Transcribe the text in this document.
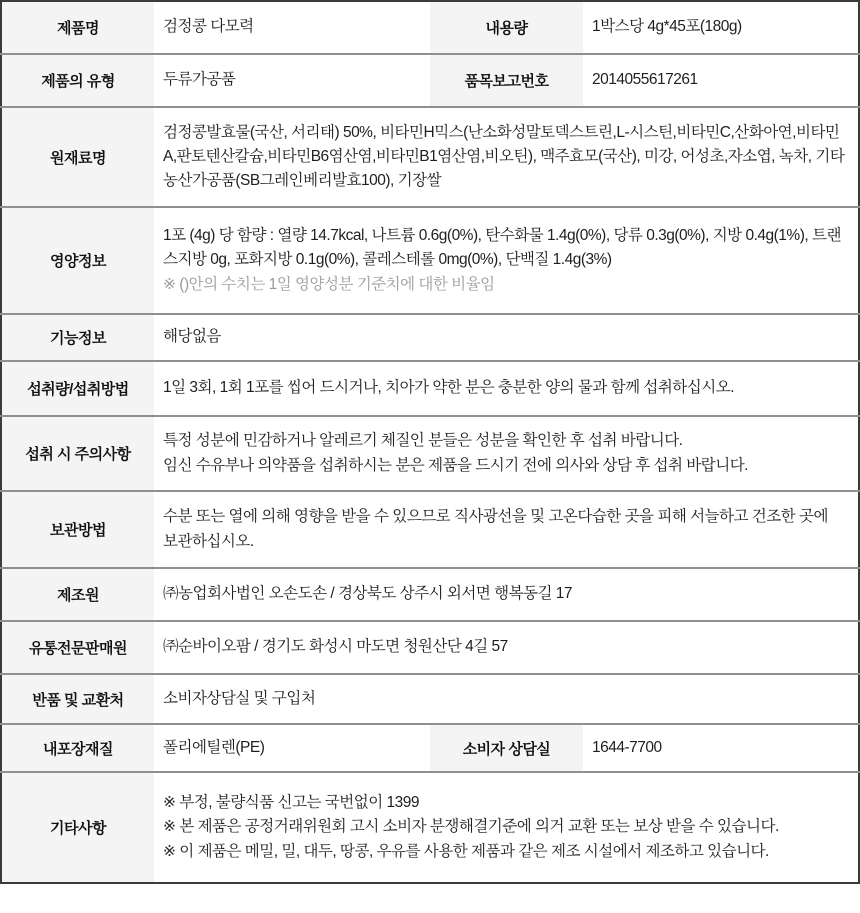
제품명	검정콩 다모력	내용량	1박스당 4g*45포(180g)
제품의 유형	두류가공품	품목보고번호	2014055617261
원재료명	검정콩발효물(국산, 서리태) 50%, 비타민H믹스(난소화성말토덱스트린,L-시스틴,비타민C,산화아연,비타민A,판토텐산칼슘,비타민B6염산염,비타민B1염산염,비오틴), 맥주효모(국산), 미강, 어성초,자소엽, 녹차, 기타농산가공품(SB그레인베리발효100), 기장쌀		
영양정보	1포 (4g) 당 함량 : 열량 14.7kcal, 나트륨 0.6g(0%), 탄수화물 1.4g(0%), 당류 0.3g(0%), 지방 0.4g(1%), 트랜스지방 0g, 포화지방 0.1g(0%), 콜레스테롤 0mg(0%), 단백질 1.4g(3%)
※ ()안의 수치는 1일 영양성분 기준치에 대한 비율임		

기능정보	해당없음		
섭취량/섭취방법	1일 3회, 1회 1포를 씹어 드시거나, 치아가 약한 분은 충분한 양의 물과 함께 섭취하십시오.		
섭취 시 주의사항	특정 성분에 민감하거나 알레르기 체질인 분들은 성분을 확인한 후 섭취 바랍니다.
임신 수유부나 의약품을 섭취하시는 분은 제품을 드시기 전에 의사와 상담 후 섭취 바랍니다.		

보관방법	수분 또는 열에 의해 영향을 받을 수 있으므로 직사광선을 및 고온다습한 곳을 피해 서늘하고 건조한 곳에 보관하십시오.		
제조원	㈜농업회사법인 오손도손 / 경상북도 상주시 외서면 행복동길 17		
유통전문판매원	㈜순바이오팜 / 경기도 화성시 마도면 청원산단 4길 57		
반품 및 교환처	소비자상담실 및 구입처		
내포장재질	폴리에틸렌(PE)	소비자 상담실	1644-7700
기타사항	※ 부정, 불량식품 신고는 국번없이 1399
※ 본 제품은 공정거래위원회 고시 소비자 분쟁해결기준에 의거 교환 또는 보상 받을 수 있습니다.
※ 이 제품은 메밀, 밀, 대두, 땅콩, 우유를 사용한 제품과 같은 제조 시설에서 제조하고 있습니다.		
